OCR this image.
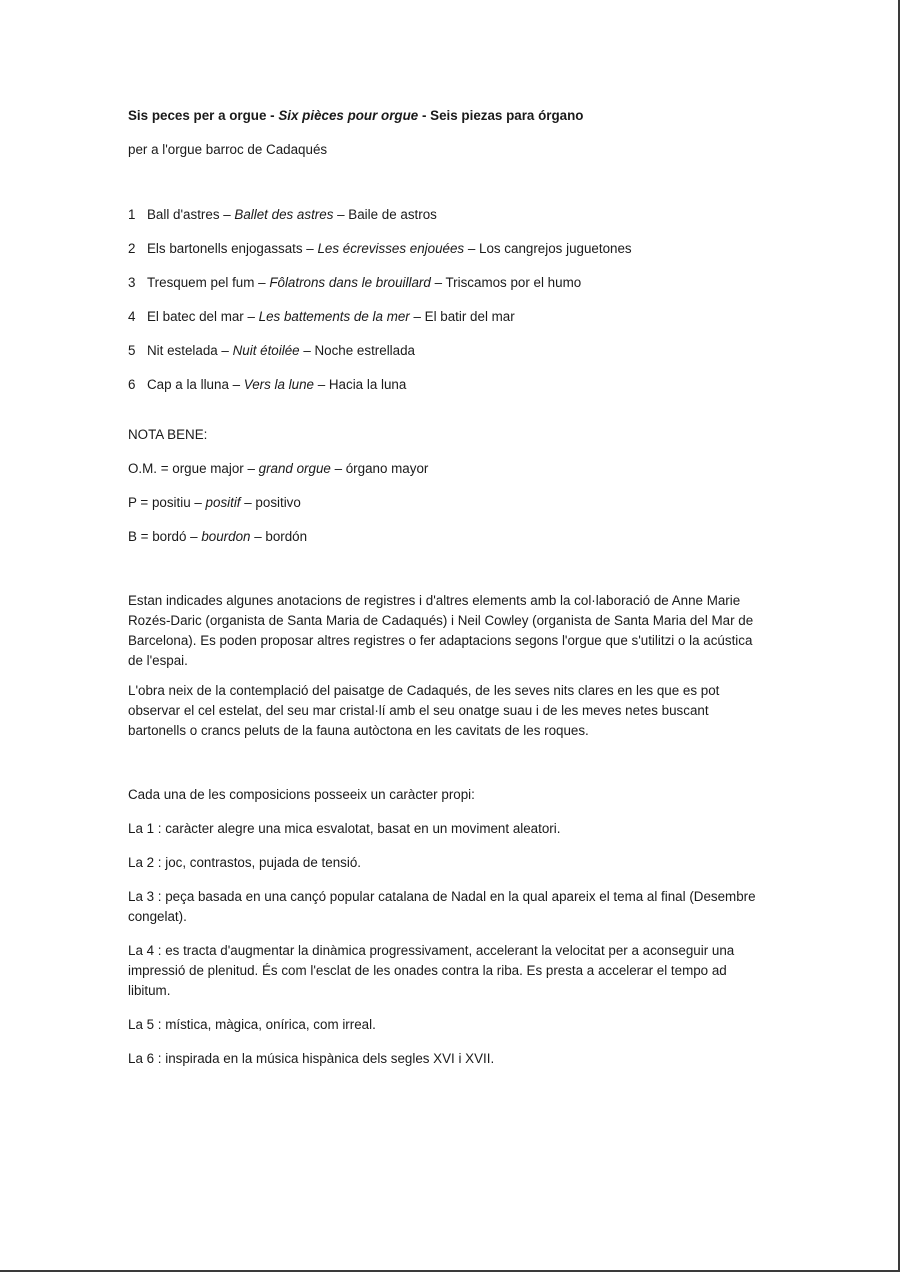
Sis peces per a orgue - Six pièces pour orgue - Seis piezas para órgano
per a l'orgue barroc de Cadaqués
1 Ball d'astres – Ballet des astres – Baile de astros
2 Els bartonells enjogassats – Les écrevisses enjouées – Los cangrejos juguetones
3 Tresquem pel fum – Fôlatrons dans le brouillard – Triscamos por el humo
4 El batec del mar – Les battements de la mer – El batir del mar
5 Nit estelada – Nuit étoilée – Noche estrellada
6 Cap a la lluna – Vers la lune – Hacia la luna
NOTA BENE:
O.M. = orgue major – grand orgue – órgano mayor
P = positiu – positif – positivo
B = bordó – bourdon – bordón

Estan indicades algunes anotacions de registres i d'altres elements amb la col·laboració de Anne Marie Rozés-Daric (organista de Santa Maria de Cadaqués) i Neil Cowley (organista de Santa Maria del Mar de Barcelona). Es poden proposar altres registres o fer adaptacions segons l'orgue que s'utilitzi o la acústica de l'espai.

L'obra neix de la contemplació del paisatge de Cadaqués, de les seves nits clares en les que es pot observar el cel estelat, del seu mar cristal·lí amb el seu onatge suau i de les meves netes buscant bartonells o crancs peluts de la fauna autòctona en les cavitats de les roques.

Cada una de les composicions posseeix un caràcter propi:
La 1 : caràcter alegre una mica esvalotat, basat en un moviment aleatori.
La 2 : joc, contrastos, pujada de tensió.
La 3 : peça basada en una cançó popular catalana de Nadal en la qual apareix el tema al final (Desembre congelat).
La 4 : es tracta d'augmentar la dinàmica progressivament, accelerant la velocitat per a aconseguir una impressió de plenitud. És com l'esclat de les onades contra la riba. Es presta a accelerar el tempo ad libitum.
La 5 : mística, màgica, onírica, com irreal.
La 6 : inspirada en la música hispànica dels segles XVI i XVII.
